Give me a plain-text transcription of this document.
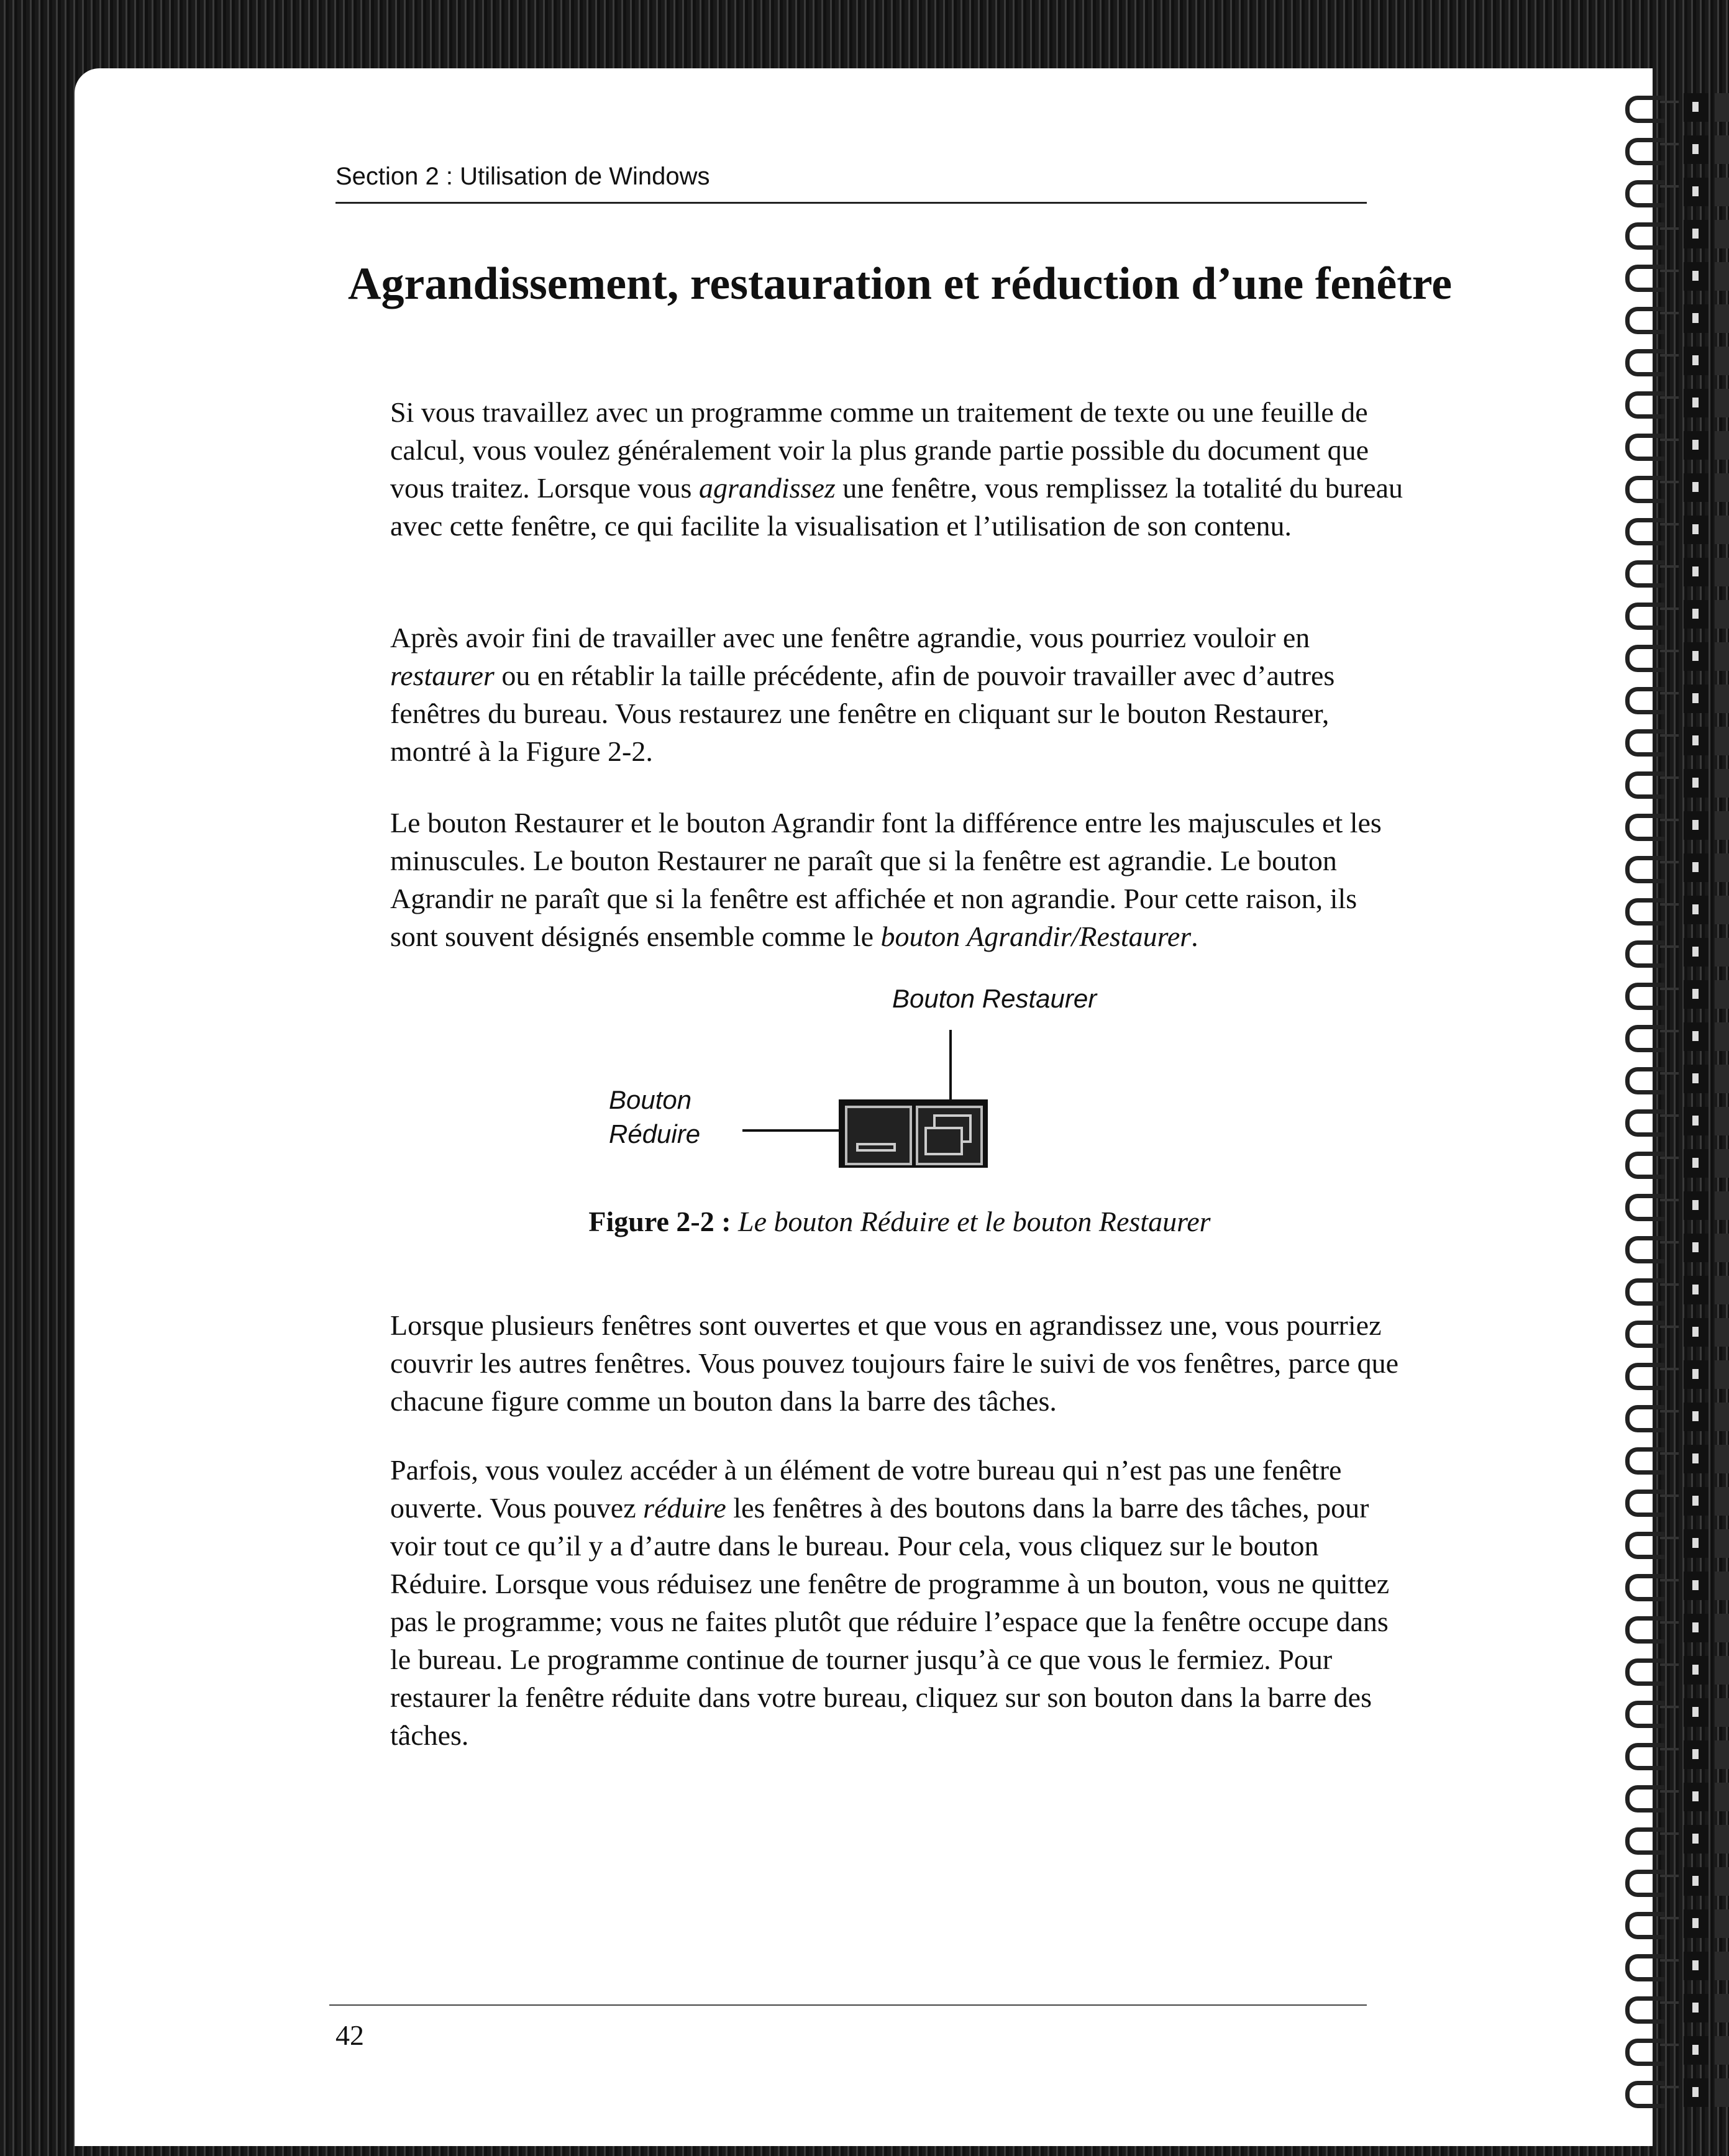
Section 2 : Utilisation de Windows
Agrandissement, restauration et réduction d’une fenêtre

Si vous travaillez avec un programme comme un traitement de texte ou une feuille de calcul, vous voulez généralement voir la plus grande partie possible du document que vous traitez. Lorsque vous agrandissez une fenêtre, vous remplissez la totalité du bureau avec cette fenêtre, ce qui facilite la visualisation et l’utilisation de son contenu.

Après avoir fini de travailler avec une fenêtre agrandie, vous pourriez vouloir en restaurer ou en rétablir la taille précédente, afin de pouvoir travailler avec d’autres fenêtres du bureau. Vous restaurez une fenêtre en cliquant sur le bouton Restaurer, montré à la Figure 2-2.

Le bouton Restaurer et le bouton Agrandir font la différence entre les majuscules et les minuscules. Le bouton Restaurer ne paraît que si la fenêtre est agrandie. Le bouton Agrandir ne paraît que si la fenêtre est affichée et non agrandie. Pour cette raison, ils sont souvent désignés ensemble comme le bouton Agrandir/Restaurer.

Bouton Restaurer
Bouton
Réduire
Figure 2-2 : Le bouton Réduire et le bouton Restaurer

Lorsque plusieurs fenêtres sont ouvertes et que vous en agrandissez une, vous pourriez couvrir les autres fenêtres. Vous pouvez toujours faire le suivi de vos fenêtres, parce que chacune figure comme un bouton dans la barre des tâches.

Parfois, vous voulez accéder à un élément de votre bureau qui n’est pas une fenêtre ouverte. Vous pouvez réduire les fenêtres à des boutons dans la barre des tâches, pour voir tout ce qu’il y a d’autre dans le bureau. Pour cela, vous cliquez sur le bouton Réduire. Lorsque vous réduisez une fenêtre de programme à un bouton, vous ne quittez pas le programme; vous ne faites plutôt que réduire l’espace que la fenêtre occupe dans le bureau. Le programme continue de tourner jusqu’à ce que vous le fermiez. Pour restaurer la fenêtre réduite dans votre bureau, cliquez sur son bouton dans la barre des tâches.

42
